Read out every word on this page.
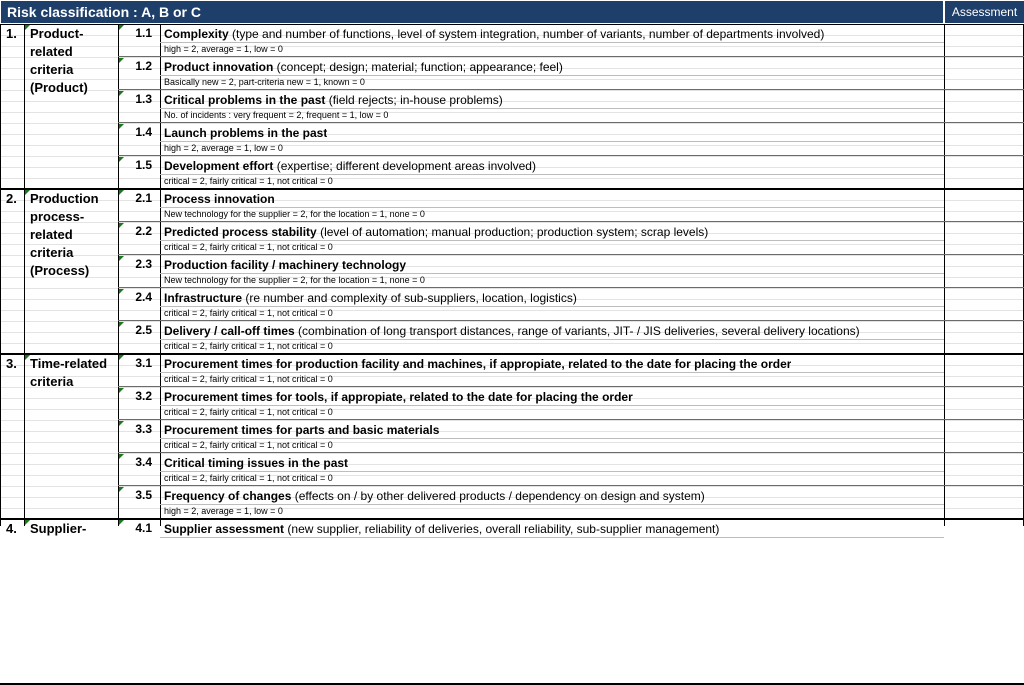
Risk classification : A, B or C	Assessment
1. Product-
related
criteria
(Product)
1.1 Complexity (type and number of functions, level of system integration, number of variants, number of departments involved)
high = 2, average = 1, low = 0
1.2 Product innovation (concept; design; material; function; appearance; feel)
Basically new = 2, part-criteria new = 1, known = 0
1.3 Critical problems in the past (field rejects; in-house problems)
No. of incidents : very frequent = 2, frequent = 1, low = 0
1.4 Launch problems in the past
high = 2, average = 1, low = 0
1.5 Development effort (expertise; different development areas involved)
critical = 2, fairly critical = 1, not critical = 0
2. Production
process-
related
criteria
(Process)
2.1 Process innovation
New technology for the supplier = 2, for the location = 1, none = 0
2.2 Predicted process stability (level of automation; manual production; production system; scrap levels)
critical = 2, fairly critical = 1, not critical = 0
2.3 Production facility / machinery technology
New technology for the supplier = 2, for the location = 1, none = 0
2.4 Infrastructure (re number and complexity of sub-suppliers, location, logistics)
critical = 2, fairly critical = 1, not critical = 0
2.5 Delivery / call-off times (combination of long transport distances, range of variants, JIT- / JIS deliveries, several delivery locations)
critical = 2, fairly critical = 1, not critical = 0
3. Time-related
criteria
3.1 Procurement times for production facility and machines, if appropiate, related to the date for placing the order
critical = 2, fairly critical = 1, not critical = 0
3.2 Procurement times for tools, if appropiate, related to the date for placing the order
critical = 2, fairly critical = 1, not critical = 0
3.3 Procurement times for parts and basic materials
critical = 2, fairly critical = 1, not critical = 0
3.4 Critical timing issues in the past
critical = 2, fairly critical = 1, not critical = 0
3.5 Frequency of changes (effects on / by other delivered products / dependency on design and system)
high = 2, average = 1, low = 0
4. Supplier-	4.1 Supplier assessment (new supplier, reliability of deliveries, overall reliability, sub-supplier management)
